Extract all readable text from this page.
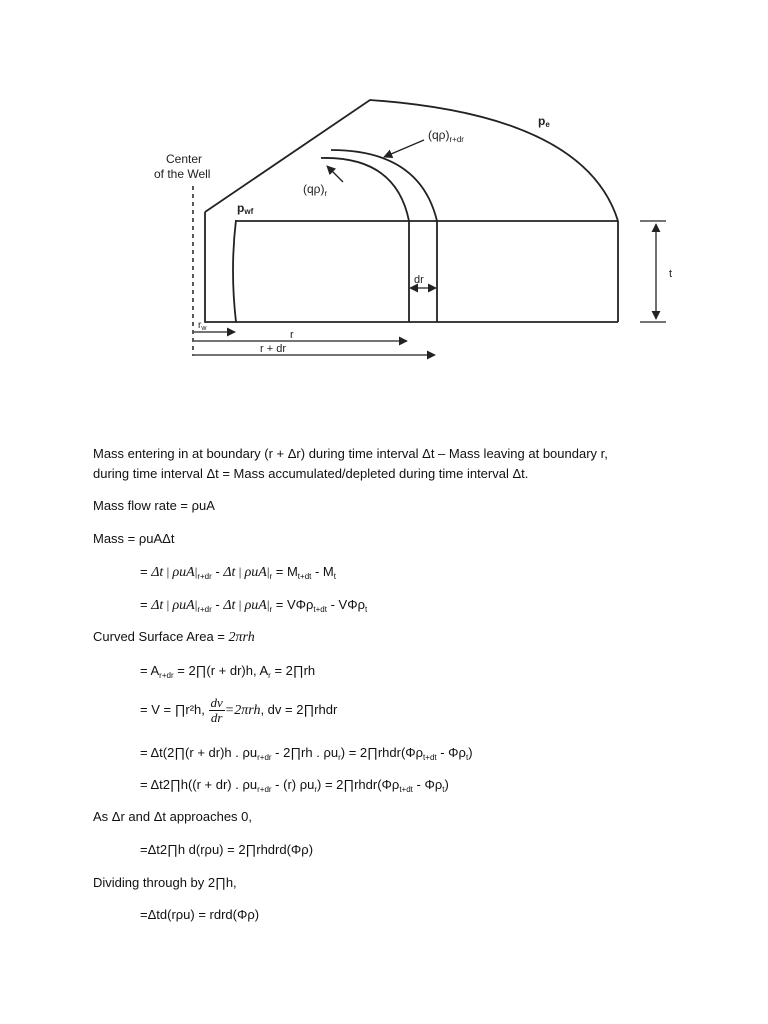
Center
of the Well
pe
pwf
$(q\rho)_{r+dr}$
$(q\rho)_r$
dr	t
$r_w$
r
r + dr
Mass entering in at boundary (r + Δr) during time interval Δt – Mass leaving at boundary r,
during time interval Δt = Mass accumulated/depleted during time interval Δt.
Mass flow rate = ρuA
Mass = ρuAΔt
= Δt | $\rho uA|_{r+dr}$ - Δt | $\rho uA|_r = M_{t+dt} - M_t$
= Δt | $\rho uA|_{r+dr}$ - Δt | $\rho uA|_r = V\Phi\rho_{t+dt} - V\Phi\rho_t$
Curved Surface Area = 2πrh
= $A_{r+dr}$ = 2∏(r + dr)h, $A_r$ = 2∏rh
= V = ∏r²h, $\frac{dv}{dr} =2\pi rh$, dv = 2∏rhdr
= Δt(2∏(r + dr)h . $\rho u_{r+dr}$ - 2∏rh . $\rho u_r$) = $2\prod rhdr(\Phi\rho_{t+dt} - \Phi\rho_t)$
= Δt2∏h((r + dr) . $\rho u_{r+dr} - (r) \rho u_r$) = $2\prod rhdr(\Phi\rho_{t+dt} - \Phi\rho_t)$
As Δr and Δt approaches 0,
=Δt2∏h d(rρu) = 2∏rhdrd(Φρ)
Dividing through by 2∏h,
=Δtd(rρu) = rdrd(Φρ)
